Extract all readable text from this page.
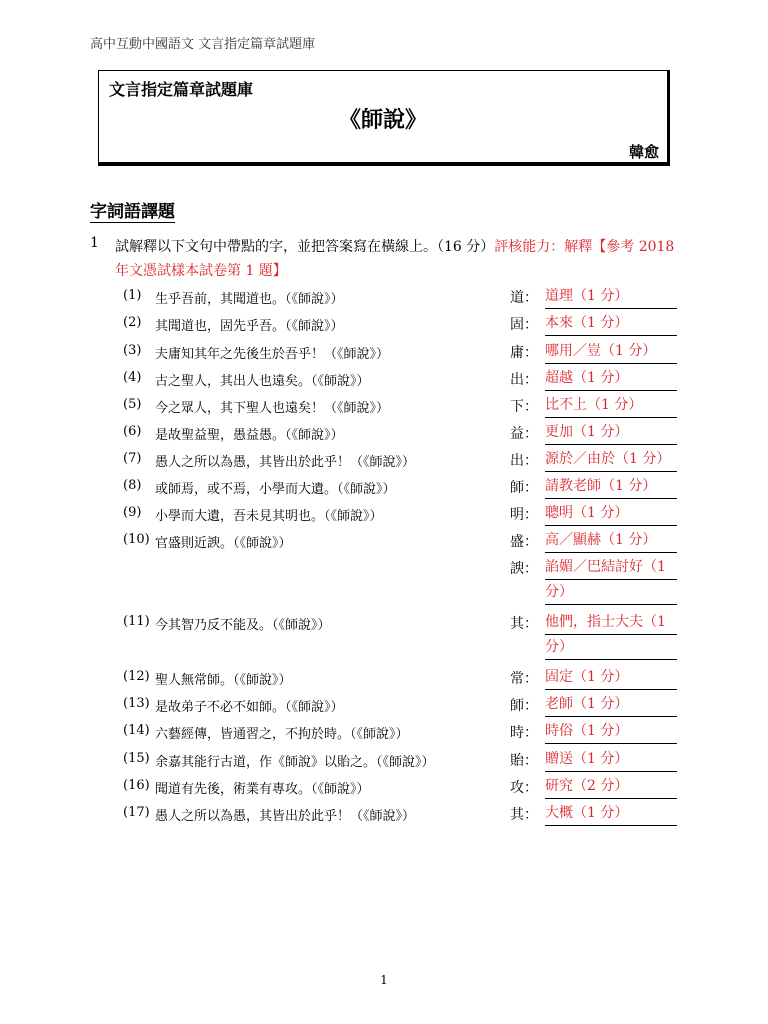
高中互動中國語文 文言指定篇章試題庫
文言指定篇章試題庫
《師說》
韓愈
字詞語譯題
1 試解釋以下文句中帶點的字，並把答案寫在橫線上。（16 分）評核能力：解釋【參考 2018 年文憑試樣本試卷第 1 題】
(1) 生乎吾前，其聞道也。（《師說》）	道： 道理（1 分）
(2) 其聞道也，固先乎吾。（《師說》）	固： 本來（1 分）
(3) 夫庸知其年之先後生於吾乎！（《師說》）	庸： 哪用／豈（1 分）
(4) 古之聖人，其出人也遠矣。（《師說》）	出： 超越（1 分）
(5) 今之眾人，其下聖人也遠矣！（《師說》）	下： 比不上（1 分）
(6) 是故聖益聖，愚益愚。（《師說》）	益： 更加（1 分）
(7) 愚人之所以為愚，其皆出於此乎！（《師說》）	出： 源於／由於（1 分）
(8) 或師焉，或不焉，小學而大遺。（《師說》）	師： 請教老師（1 分）
(9) 小學而大遺，吾未見其明也。（《師說》）	明： 聰明（1 分）
(10) 官盛則近諛。（《師說》）	盛： 高／顯赫（1 分）
諛： 諂媚／巴結討好（1
分）
(11) 今其智乃反不能及。（《師說》）	其： 他們，指士大夫（1
分）
(12) 聖人無常師。（《師說》）	常： 固定（1 分）
(13) 是故弟子不必不如師。（《師說》）	師： 老師（1 分）
(14) 六藝經傳，皆通習之，不拘於時。（《師說》）	時： 時俗（1 分）
(15) 余嘉其能行古道，作《師說》以貽之。（《師說》）	貽： 贈送（1 分）
(16) 聞道有先後，術業有專攻。（《師說》）	攻： 研究（2 分）
(17) 愚人之所以為愚，其皆出於此乎！（《師說》）	其： 大概（1 分）
1
